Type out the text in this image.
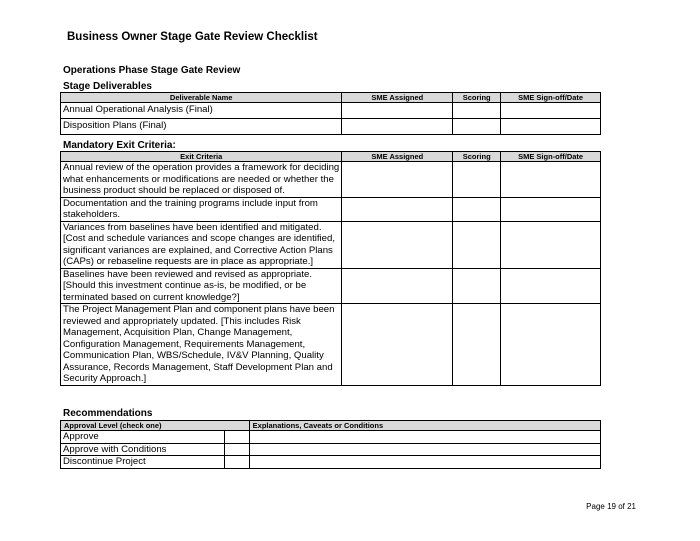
Business Owner Stage Gate Review Checklist
Operations Phase Stage Gate Review
Stage Deliverables
Deliverable Name	SME Assigned	Scoring	SME Sign-off/Date
Annual Operational Analysis (Final)			
Disposition Plans (Final)			
Mandatory Exit Criteria:
Exit Criteria	SME Assigned	Scoring	SME Sign-off/Date
Annual review of the operation provides a framework for deciding what enhancements or modifications are needed or whether the business product should be replaced or disposed of.			
Documentation and the training programs include input from stakeholders.			
Variances from baselines have been identified and mitigated. [Cost and schedule variances and scope changes are identified, significant variances are explained, and Corrective Action Plans (CAPs) or rebaseline requests are in place as appropriate.]			
Baselines have been reviewed and revised as appropriate. [Should this investment continue as-is, be modified, or be terminated based on current knowledge?]			
The Project Management Plan and component plans have been reviewed and appropriately updated. [This includes Risk Management, Acquisition Plan, Change Management, Configuration Management, Requirements Management, Communication Plan, WBS/Schedule, IV&V Planning, Quality Assurance, Records Management, Staff Development Plan and Security Approach.]			
Recommendations
Approval Level (check one)		Explanations, Caveats or Conditions
Approve		
Approve with Conditions		
Discontinue Project		
Page 19 of 21
